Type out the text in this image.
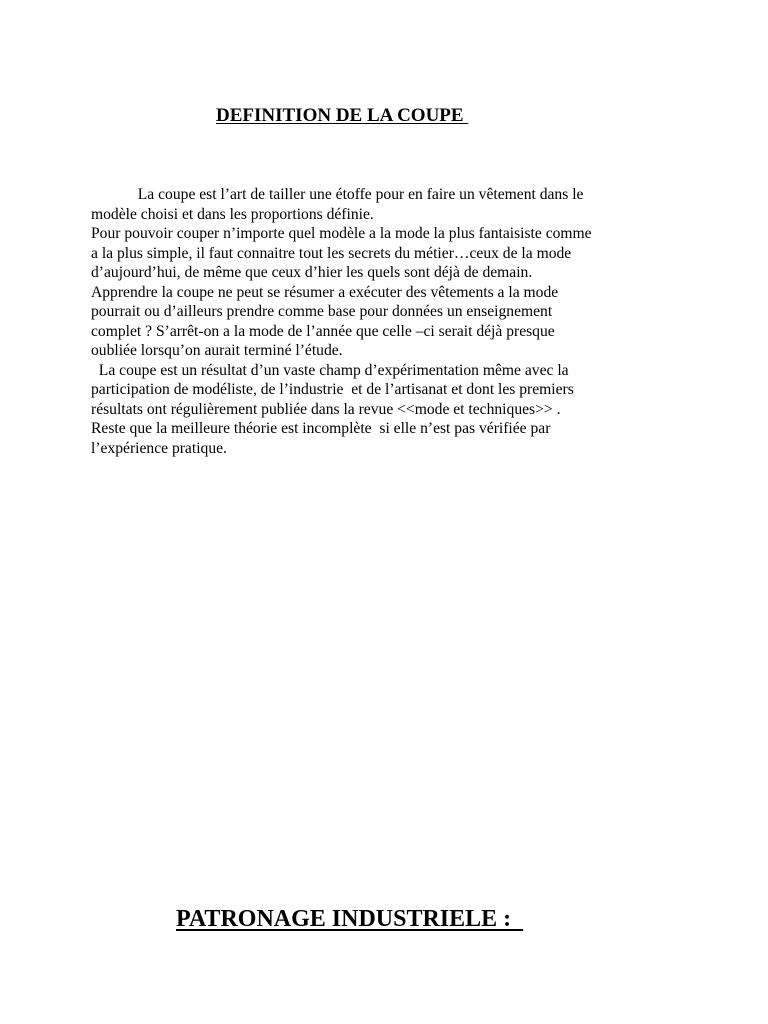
DEFINITION DE LA COUPE
La coupe est l’art de tailler une étoffe pour en faire un vêtement dans le
modèle choisi et dans les proportions définie.
Pour pouvoir couper n’importe quel modèle a la mode la plus fantaisiste comme
a la plus simple, il faut connaitre tout les secrets du métier…ceux de la mode
d’aujourd’hui, de même que ceux d’hier les quels sont déjà de demain.
Apprendre la coupe ne peut se résumer a exécuter des vêtements a la mode
pourrait ou d’ailleurs prendre comme base pour données un enseignement
complet ? S’arrêt-on a la mode de l’année que celle –ci serait déjà presque
oubliée lorsqu’on aurait terminé l’étude.
La coupe est un résultat d’un vaste champ d’expérimentation même avec la
participation de modéliste, de l’industrie  et de l’artisanat et dont les premiers
résultats ont régulièrement publiée dans la revue <<mode et techniques>> .
Reste que la meilleure théorie est incomplète  si elle n’est pas vérifiée par
l’expérience pratique.
PATRONAGE INDUSTRIELE :
